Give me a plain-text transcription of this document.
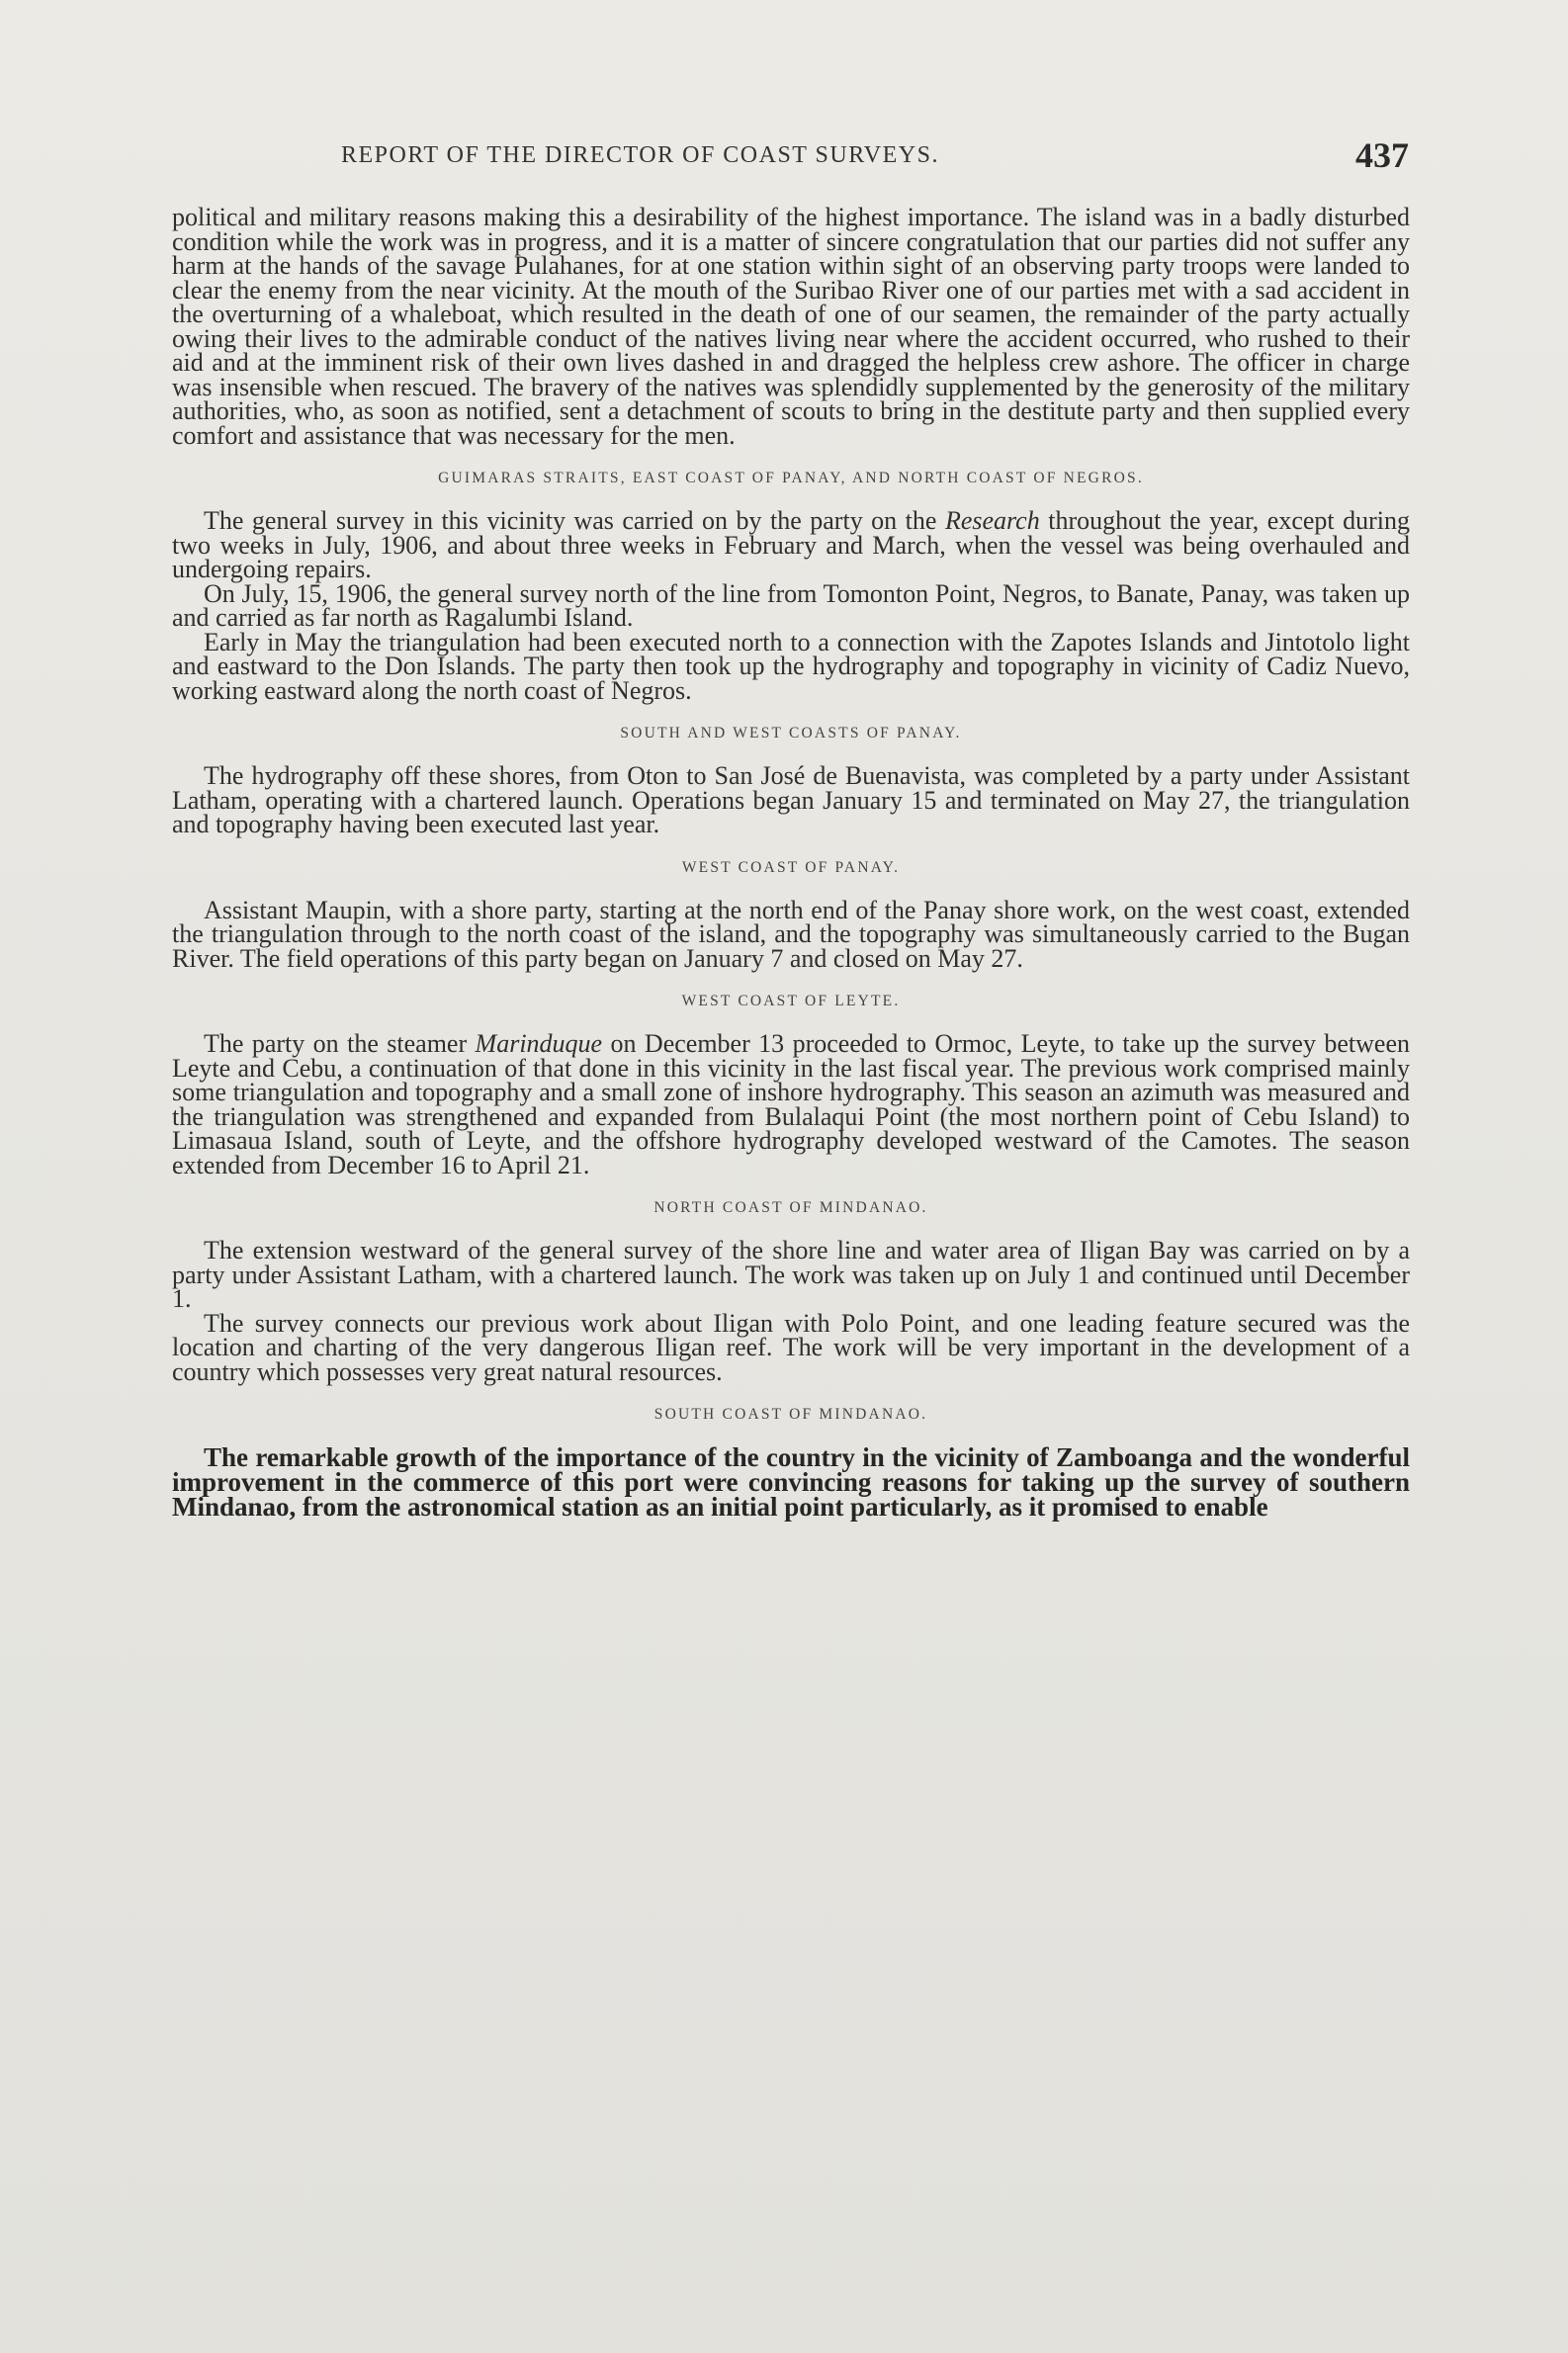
REPORT OF THE DIRECTOR OF COAST SURVEYS.	437

political and military reasons making this a desirability of the highest importance. The island was in a badly disturbed condition while the work was in progress, and it is a matter of sincere congratulation that our parties did not suffer any harm at the hands of the savage Pulahanes, for at one station within sight of an observing party troops were landed to clear the enemy from the near vicinity. At the mouth of the Suribao River one of our parties met with a sad accident in the overturning of a whaleboat, which resulted in the death of one of our seamen, the remainder of the party actually owing their lives to the admirable conduct of the natives living near where the accident occurred, who rushed to their aid and at the imminent risk of their own lives dashed in and dragged the helpless crew ashore. The officer in charge was insensible when rescued. The bravery of the natives was splendidly supplemented by the generosity of the military authorities, who, as soon as notified, sent a detachment of scouts to bring in the destitute party and then supplied every comfort and assistance that was necessary for the men.

GUIMARAS STRAITS, EAST COAST OF PANAY, AND NORTH COAST OF NEGROS.

The general survey in this vicinity was carried on by the party on the Research throughout the year, except during two weeks in July, 1906, and about three weeks in February and March, when the vessel was being overhauled and undergoing repairs.

On July, 15, 1906, the general survey north of the line from Tomonton Point, Negros, to Banate, Panay, was taken up and carried as far north as Ragalumbi Island.

Early in May the triangulation had been executed north to a connection with the Zapotes Islands and Jintotolo light and eastward to the Don Islands. The party then took up the hydrography and topography in vicinity of Cadiz Nuevo, working eastward along the north coast of Negros.

SOUTH AND WEST COASTS OF PANAY.

The hydrography off these shores, from Oton to San José de Buenavista, was completed by a party under Assistant Latham, operating with a chartered launch. Operations began January 15 and terminated on May 27, the triangulation and topography having been executed last year.

WEST COAST OF PANAY.

Assistant Maupin, with a shore party, starting at the north end of the Panay shore work, on the west coast, extended the triangulation through to the north coast of the island, and the topography was simultaneously carried to the Bugan River. The field operations of this party began on January 7 and closed on May 27.

WEST COAST OF LEYTE.

The party on the steamer Marinduque on December 13 proceeded to Ormoc, Leyte, to take up the survey between Leyte and Cebu, a continuation of that done in this vicinity in the last fiscal year. The previous work comprised mainly some triangulation and topography and a small zone of inshore hydrography. This season an azimuth was measured and the triangulation was strengthened and expanded from Bulalaqui Point (the most northern point of Cebu Island) to Limasaua Island, south of Leyte, and the offshore hydrography developed westward of the Camotes. The season extended from December 16 to April 21.

NORTH COAST OF MINDANAO.

The extension westward of the general survey of the shore line and water area of Iligan Bay was carried on by a party under Assistant Latham, with a chartered launch. The work was taken up on July 1 and continued until December 1.

The survey connects our previous work about Iligan with Polo Point, and one leading feature secured was the location and charting of the very dangerous Iligan reef. The work will be very important in the development of a country which possesses very great natural resources.

SOUTH COAST OF MINDANAO.

The remarkable growth of the importance of the country in the vicinity of Zamboanga and the wonderful improvement in the commerce of this port were convincing reasons for taking up the survey of southern Mindanao, from the astronomical station as an initial point particularly, as it promised to enable
